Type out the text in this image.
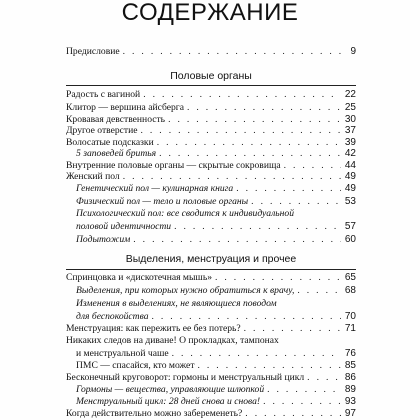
СОДЕРЖАНИЕ
Предисловие . . .	9
Половые органы
Радость с вагиной . . .	22
Клитор — вершина айсберга . . .	25
Кровавая девственность . . .	30
Другое отверстие . . .	37
Волосатые подсказки . . .	39
5 заповедей бритья . . .	42
Внутренние половые органы — скрытые сокровища . . .	44
Женский пол . . .	49
Генетический пол — кулинарная книга . . .	49
Физический пол — тело и половые органы . . .	53
Психологический пол: все сводится к индивидуальной
половой идентичности . . .	57
Подытожим . . .	60
Выделения, менструация и прочее
Спринцовка и «дискотечная мышь» . . .	65
Выделения, при которых нужно обратиться к врачу, . . .	68
Изменения в выделениях, не являющиеся поводом
для беспокойства . . .	70
Менструация: как пережить ее без потерь? . . .	71
Никаких следов на диване! О прокладках, тампонах
и менструальной чаше . . .	76
ПМС — спасайся, кто может . . .	85
Бесконечный круговорот: гормоны и менструальный цикл . . .	86
Гормоны — вещества, управляющие шлюпкой . . .	89
Менструальный цикл: 28 дней снова и снова! . . .	93
Когда действительно можно забеременеть? . . .	97
